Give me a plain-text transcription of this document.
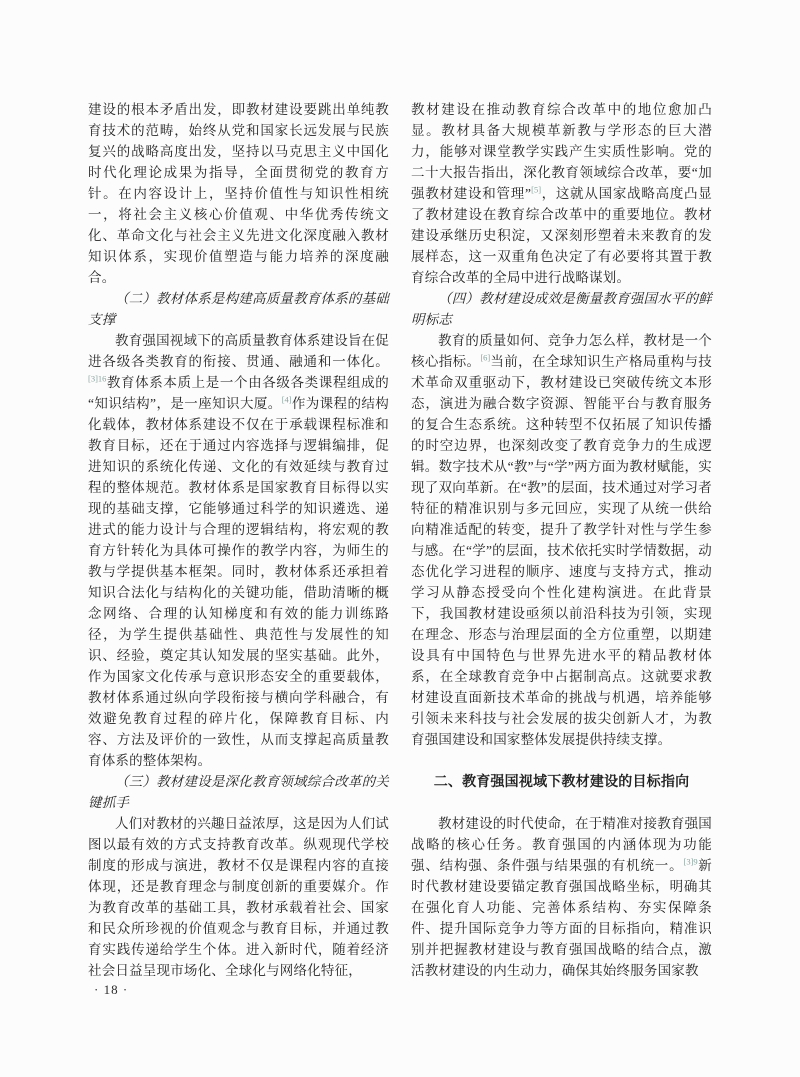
建设的根本矛盾出发，即教材建设要跳出单纯教育技术的范畴，始终从党和国家长远发展与民族复兴的战略高度出发，坚持以马克思主义中国化时代化理论成果为指导，全面贯彻党的教育方针。在内容设计上，坚持价值性与知识性相统一，将社会主义核心价值观、中华优秀传统文化、革命文化与社会主义先进文化深度融入教材知识体系，实现价值塑造与能力培养的深度融合。

（二）教材体系是构建高质量教育体系的基础支撑

教育强国视域下的高质量教育体系建设旨在促进各级各类教育的衔接、贯通、融通和一体化。$^{[3]16}$教育体系本质上是一个由各级各类课程组成的“知识结构”，是一座知识大厦。[4]作为课程的结构化载体，教材体系建设不仅在于承载课程标准和教育目标，还在于通过内容选择与逻辑编排，促进知识的系统化传递、文化的有效延续与教育过程的整体规范。教材体系是国家教育目标得以实现的基础支撑，它能够通过科学的知识遴选、递进式的能力设计与合理的逻辑结构，将宏观的教育方针转化为具体可操作的教学内容，为师生的教与学提供基本框架。同时，教材体系还承担着知识合法化与结构化的关键功能，借助清晰的概念网络、合理的认知梯度和有效的能力训练路径，为学生提供基础性、典范性与发展性的知识、经验，奠定其认知发展的坚实基础。此外，作为国家文化传承与意识形态安全的重要载体，教材体系通过纵向学段衔接与横向学科融合，有效避免教育过程的碎片化，保障教育目标、内容、方法及评价的一致性，从而支撑起高质量教育体系的整体架构。

（三）教材建设是深化教育领域综合改革的关键抓手

人们对教材的兴趣日益浓厚，这是因为人们试图以最有效的方式支持教育改革。纵观现代学校制度的形成与演进，教材不仅是课程内容的直接体现，还是教育理念与制度创新的重要媒介。作为教育改革的基础工具，教材承载着社会、国家和民众所珍视的价值观念与教育目标，并通过教育实践传递给学生个体。进入新时代，随着经济社会日益呈现市场化、全球化与网络化特征，

教材建设在推动教育综合改革中的地位愈加凸显。教材具备大规模革新教与学形态的巨大潜力，能够对课堂教学实践产生实质性影响。党的二十大报告指出，深化教育领域综合改革，要“加强教材建设和管理”[5]，这就从国家战略高度凸显了教材建设在教育综合改革中的重要地位。教材建设承继历史积淀，又深刻形塑着未来教育的发展样态，这一双重角色决定了有必要将其置于教育综合改革的全局中进行战略谋划。

（四）教材建设成效是衡量教育强国水平的鲜明标志

教育的质量如何、竞争力怎么样，教材是一个核心指标。[6]当前，在全球知识生产格局重构与技术革命双重驱动下，教材建设已突破传统文本形态，演进为融合数字资源、智能平台与教育服务的复合生态系统。这种转型不仅拓展了知识传播的时空边界，也深刻改变了教育竞争力的生成逻辑。数字技术从“教”与“学”两方面为教材赋能，实现了双向革新。在“教”的层面，技术通过对学习者特征的精准识别与多元回应，实现了从统一供给向精准适配的转变，提升了教学针对性与学生参与感。在“学”的层面，技术依托实时学情数据，动态优化学习进程的顺序、速度与支持方式，推动学习从静态授受向个性化建构演进。在此背景下，我国教材建设亟须以前沿科技为引领，实现在理念、形态与治理层面的全方位重塑，以期建设具有中国特色与世界先进水平的精品教材体系，在全球教育竞争中占据制高点。这就要求教材建设直面新技术革命的挑战与机遇，培养能够引领未来科技与社会发展的拔尖创新人才，为教育强国建设和国家整体发展提供持续支撑。

二、教育强国视域下教材建设的目标指向

教材建设的时代使命，在于精准对接教育强国战略的核心任务。教育强国的内涵体现为功能强、结构强、条件强与结果强的有机统一。$^{[3]9}$新时代教材建设要锚定教育强国战略坐标，明确其在强化育人功能、完善体系结构、夯实保障条件、提升国际竞争力等方面的目标指向，精准识别并把握教材建设与教育强国战略的结合点，激活教材建设的内生动力，确保其始终服务国家教

· 18 ·
